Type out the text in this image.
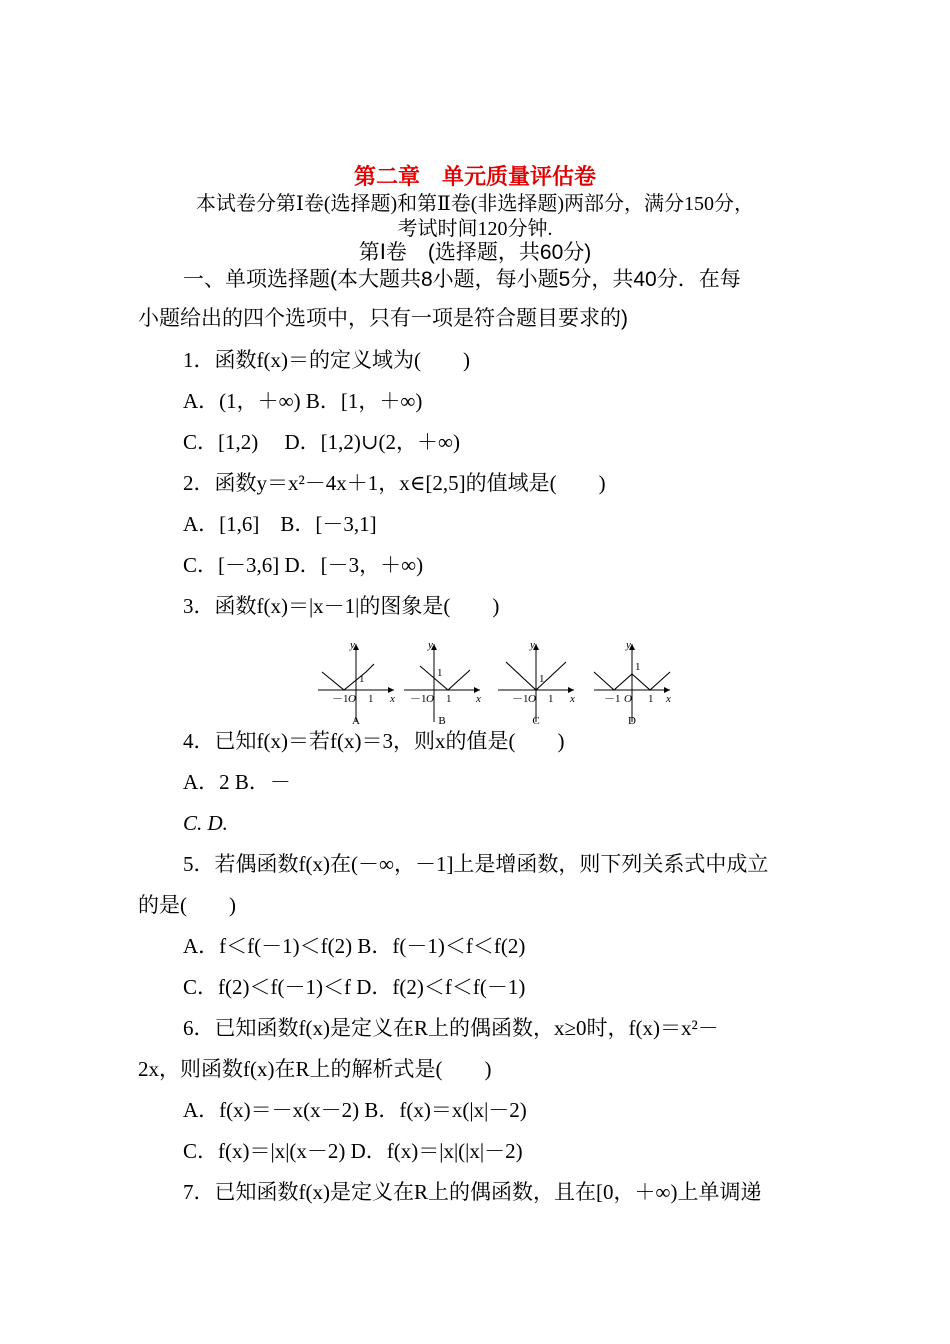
第二章　单元质量评估卷
本试卷分第Ⅰ卷(选择题)和第Ⅱ卷(非选择题)两部分，满分150分，
考试时间120分钟.
第Ⅰ卷　(选择题，共60分)
一、单项选择题(本大题共8小题，每小题5分，共40分．在每
小题给出的四个选项中，只有一项是符合题目要求的)
1．函数f(x)＝的定义域为(　　)
A．(1，＋∞) B．[1，＋∞)
C．[1,2)　 D．[1,2)∪(2，＋∞)
2．函数y＝x²－4x＋1，x∈[2,5]的值域是(　　)
A．[1,6]　B．[－3,1]
C．[－3,6] D．[－3，＋∞)
3．函数f(x)＝|x－1|的图象是(　　)
y
x
O
－1 1
1
A
y
x
O
－1 1
1
B
y
x
O
－1 1
1
C
y
x
O
－1	1
1
D
4．已知f(x)＝若f(x)＝3，则x的值是(　　)
A．2 B．－
C. D.
5．若偶函数f(x)在(－∞，－1]上是增函数，则下列关系式中成立
的是(　　)
A．f＜f(－1)＜f(2) B．f(－1)＜f＜f(2)
C．f(2)＜f(－1)＜f D．f(2)＜f＜f(－1)
6．已知函数f(x)是定义在R上的偶函数，x≥0时，f(x)＝x²－
2x，则函数f(x)在R上的解析式是(　　)
A．f(x)＝－x(x－2) B．f(x)＝x(|x|－2)
C．f(x)＝|x|(x－2) D．f(x)＝|x|(|x|－2)
7．已知函数f(x)是定义在R上的偶函数，且在[0，＋∞)上单调递
